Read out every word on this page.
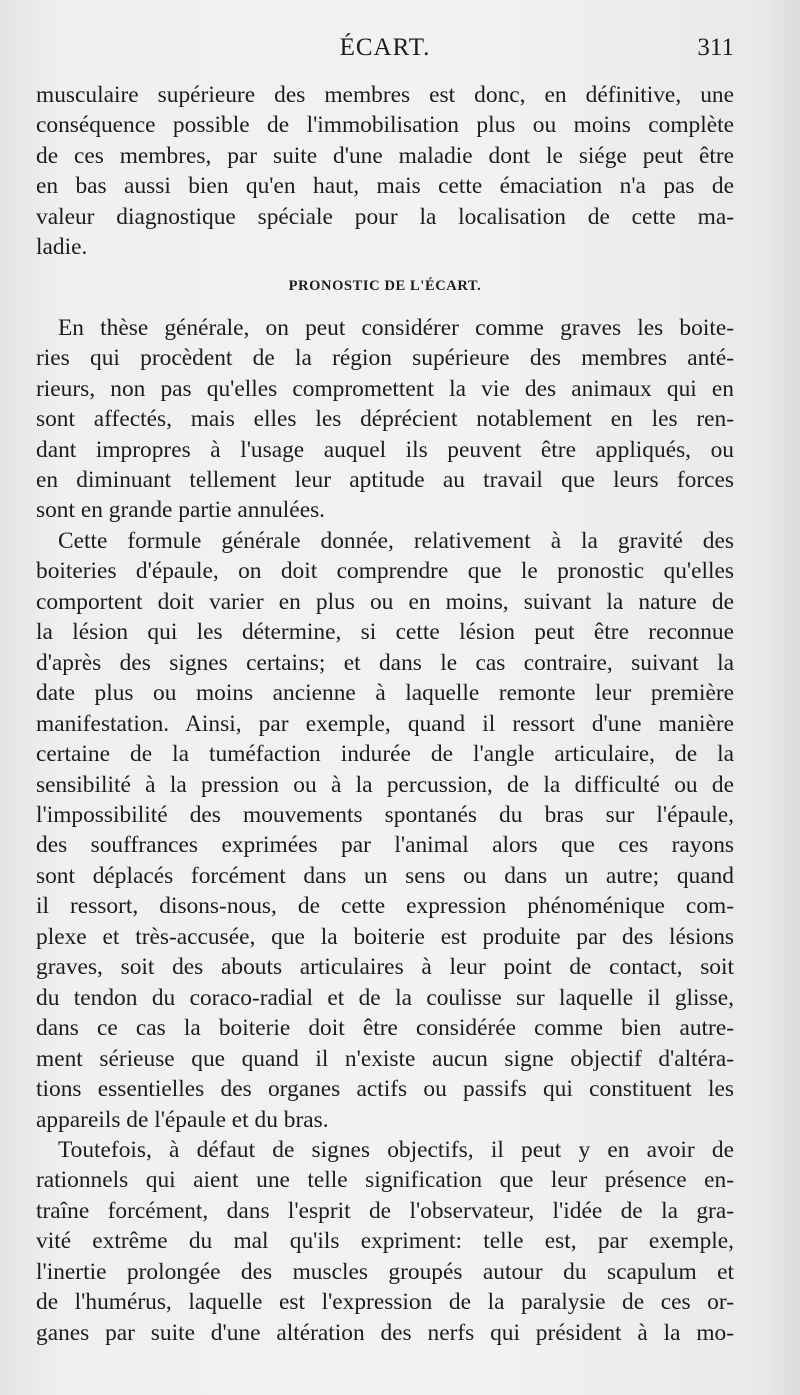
ÉCART.	311
musculaire supérieure des membres est donc, en définitive, une
conséquence possible de l'immobilisation plus ou moins complète
de ces membres, par suite d'une maladie dont le siége peut être
en bas aussi bien qu'en haut, mais cette émaciation n'a pas de
valeur diagnostique spéciale pour la localisation de cette ma-
ladie.
PRONOSTIC DE L'ÉCART.
En thèse générale, on peut considérer comme graves les boite-
ries qui procèdent de la région supérieure des membres anté-
rieurs, non pas qu'elles compromettent la vie des animaux qui en
sont affectés, mais elles les déprécient notablement en les ren-
dant impropres à l'usage auquel ils peuvent être appliqués, ou
en diminuant tellement leur aptitude au travail que leurs forces
sont en grande partie annulées.
Cette formule générale donnée, relativement à la gravité des
boiteries d'épaule, on doit comprendre que le pronostic qu'elles
comportent doit varier en plus ou en moins, suivant la nature de
la lésion qui les détermine, si cette lésion peut être reconnue
d'après des signes certains; et dans le cas contraire, suivant la
date plus ou moins ancienne à laquelle remonte leur première
manifestation. Ainsi, par exemple, quand il ressort d'une manière
certaine de la tuméfaction indurée de l'angle articulaire, de la
sensibilité à la pression ou à la percussion, de la difficulté ou de
l'impossibilité des mouvements spontanés du bras sur l'épaule,
des souffrances exprimées par l'animal alors que ces rayons
sont déplacés forcément dans un sens ou dans un autre; quand
il ressort, disons-nous, de cette expression phénoménique com-
plexe et très-accusée, que la boiterie est produite par des lésions
graves, soit des abouts articulaires à leur point de contact, soit
du tendon du coraco-radial et de la coulisse sur laquelle il glisse,
dans ce cas la boiterie doit être considérée comme bien autre-
ment sérieuse que quand il n'existe aucun signe objectif d'altéra-
tions essentielles des organes actifs ou passifs qui constituent les
appareils de l'épaule et du bras.
Toutefois, à défaut de signes objectifs, il peut y en avoir de
rationnels qui aient une telle signification que leur présence en-
traîne forcément, dans l'esprit de l'observateur, l'idée de la gra-
vité extrême du mal qu'ils expriment: telle est, par exemple,
l'inertie prolongée des muscles groupés autour du scapulum et
de l'humérus, laquelle est l'expression de la paralysie de ces or-
ganes par suite d'une altération des nerfs qui président à la mo-
